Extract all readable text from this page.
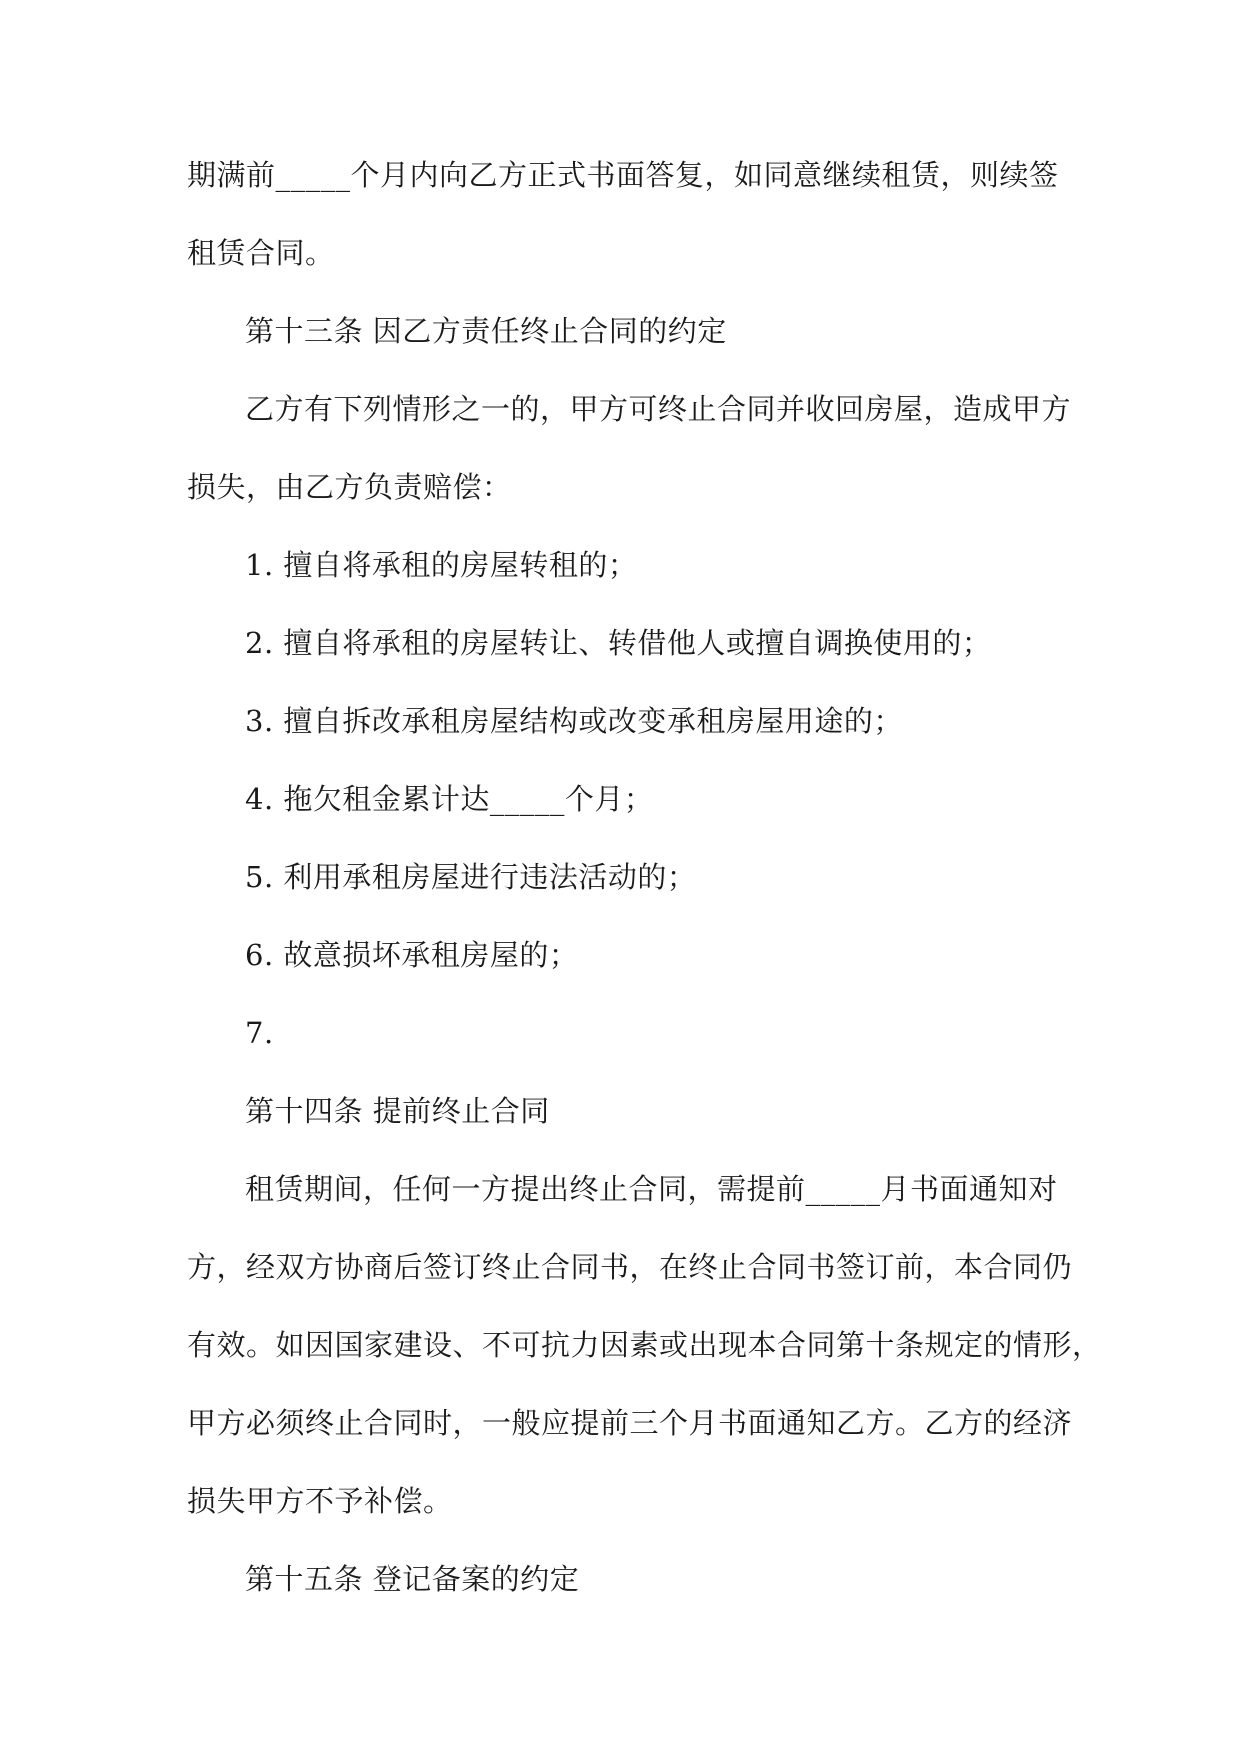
期满前_____个月内向乙方正式书面答复，如同意继续租赁，则续签
租赁合同。
第十三条 因乙方责任终止合同的约定
乙方有下列情形之一的，甲方可终止合同并收回房屋，造成甲方
损失，由乙方负责赔偿：
1. 擅自将承租的房屋转租的；
2. 擅自将承租的房屋转让、转借他人或擅自调换使用的；
3. 擅自拆改承租房屋结构或改变承租房屋用途的；
4. 拖欠租金累计达_____个月；
5. 利用承租房屋进行违法活动的；
6. 故意损坏承租房屋的；
7.
第十四条 提前终止合同
租赁期间，任何一方提出终止合同，需提前_____月书面通知对
方，经双方协商后签订终止合同书，在终止合同书签订前，本合同仍
有效。如因国家建设、不可抗力因素或出现本合同第十条规定的情形，
甲方必须终止合同时，一般应提前三个月书面通知乙方。乙方的经济
损失甲方不予补偿。
第十五条 登记备案的约定
